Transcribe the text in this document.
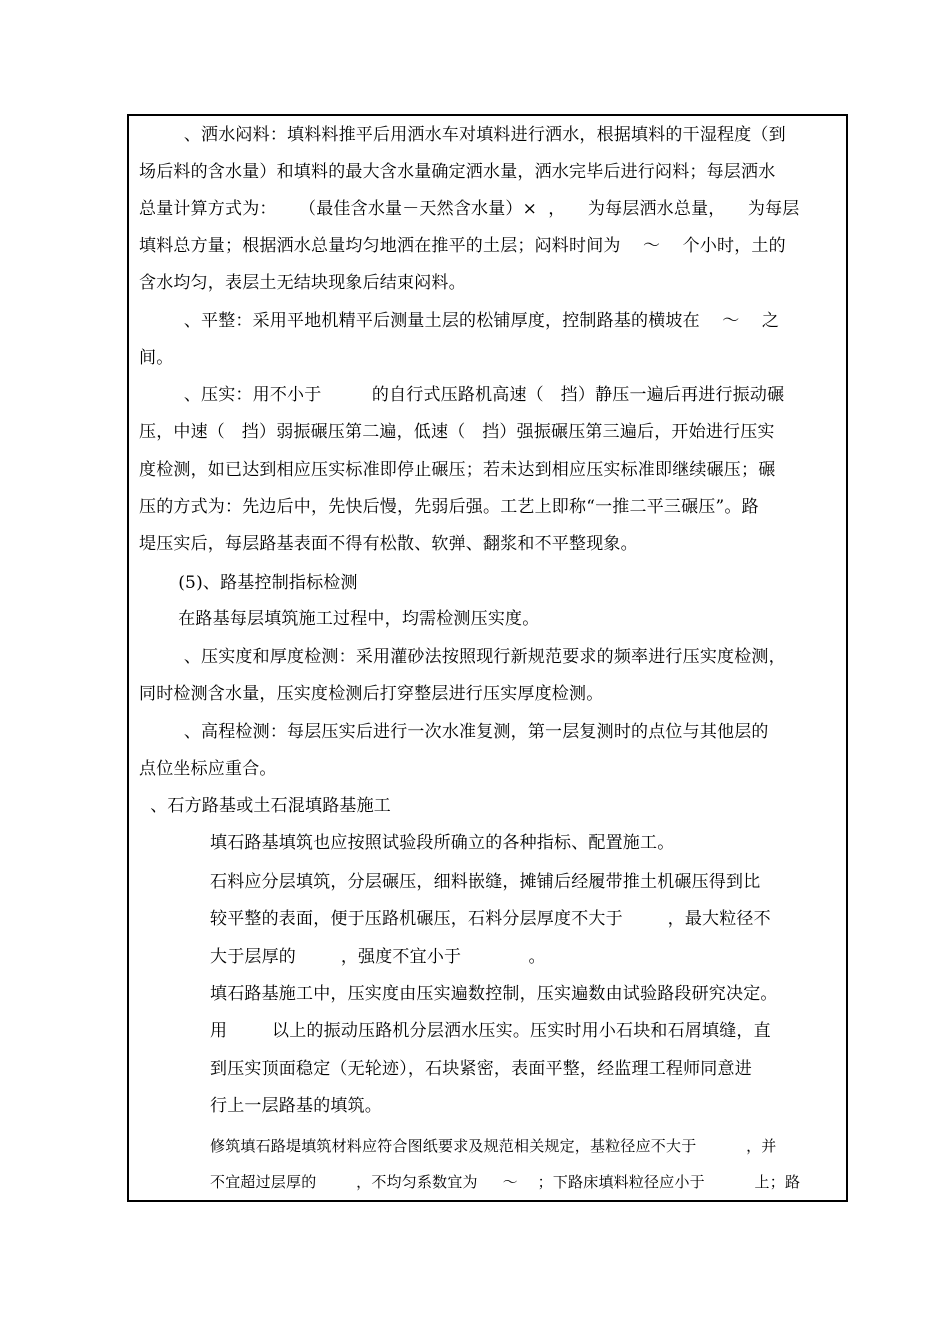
、洒水闷料：填料料推平后用洒水车对填料进行洒水，根据填料的干湿程度（到
场后料的含水量）和填料的最大含水量确定洒水量，洒水完毕后进行闷料；每层洒水
总量计算方式为：    （最佳含水量－天然含水量）×  ，    为每层洒水总量，    为每层
填料总方量；根据洒水总量均匀地洒在推平的土层；闷料时间为    ～    个小时，土的
含水均匀，表层土无结块现象后结束闷料。
、平整：采用平地机精平后测量土层的松铺厚度，控制路基的横坡在    ～    之
间。
、压实：用不小于         的自行式压路机高速（   挡）静压一遍后再进行振动碾
压，中速（   挡）弱振碾压第二遍，低速（   挡）强振碾压第三遍后，开始进行压实
度检测，如已达到相应压实标准即停止碾压；若未达到相应压实标准即继续碾压；碾
压的方式为：先边后中，先快后慢，先弱后强。工艺上即称“一推二平三碾压”。路
堤压实后，每层路基表面不得有松散、软弹、翻浆和不平整现象。
(5)、路基控制指标检测
在路基每层填筑施工过程中，均需检测压实度。
、压实度和厚度检测：采用灌砂法按照现行新规范要求的频率进行压实度检测，
同时检测含水量，压实度检测后打穿整层进行压实厚度检测。
、高程检测：每层压实后进行一次水准复测，第一层复测时的点位与其他层的
点位坐标应重合。
、石方路基或土石混填路基施工
填石路基填筑也应按照试验段所确立的各种指标、配置施工。
石料应分层填筑，分层碾压，细料嵌缝，摊铺后经履带推土机碾压得到比
较平整的表面，便于压路机碾压，石料分层厚度不大于        ，最大粒径不
大于层厚的        ，强度不宜小于            。
填石路基施工中，压实度由压实遍数控制，压实遍数由试验路段研究决定。
用        以上的振动压路机分层洒水压实。压实时用小石块和石屑填缝，直
到压实顶面稳定（无轮迹），石块紧密，表面平整，经监理工程师同意进
行上一层路基的填筑。
修筑填石路堤填筑材料应符合图纸要求及规范相关规定，基粒径应不大于          ，并
不宜超过层厚的        ，不均匀系数宜为     ～    ；下路床填料粒径应小于          上；路
